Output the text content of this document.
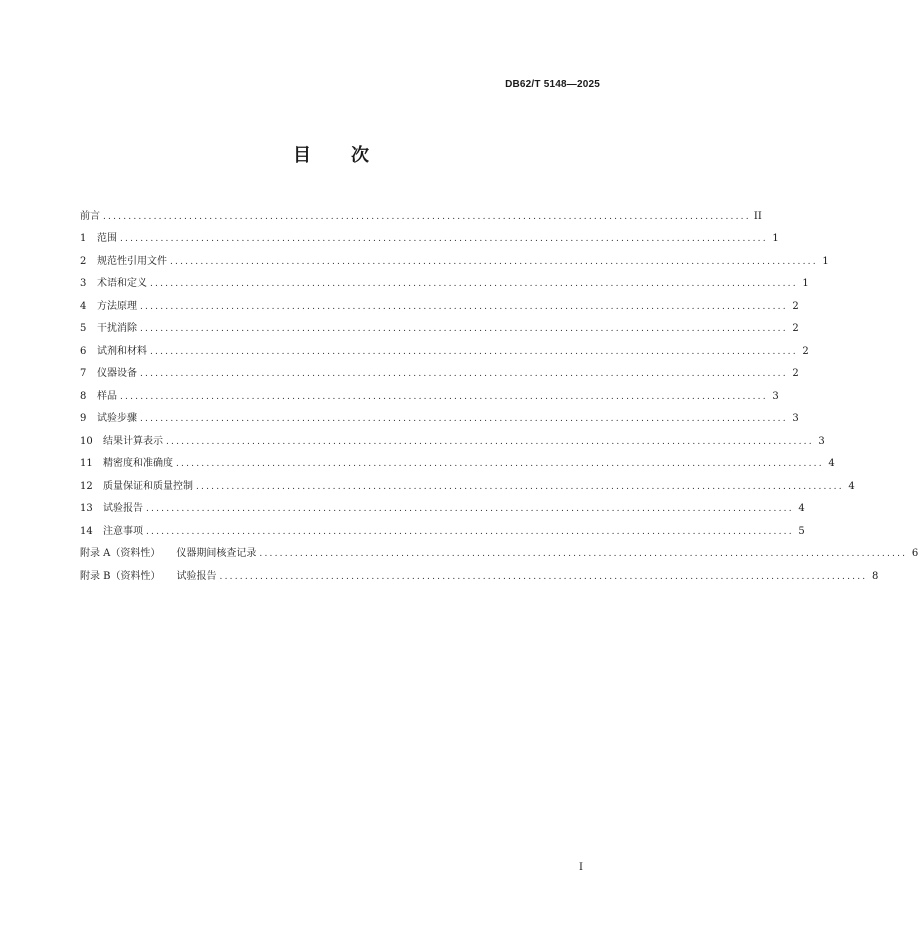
DB62/T 5148—2025
目 次
前言 ................................................................................................................................ II
1 范围 ................................................................................................................................ 1
2 规范性引用文件 ................................................................................................................................ 1
3 术语和定义 ................................................................................................................................ 1
4 方法原理 ................................................................................................................................ 2
5 干扰消除 ................................................................................................................................ 2
6 试剂和材料 ................................................................................................................................ 2
7 仪器设备 ................................................................................................................................ 2
8 样品 ................................................................................................................................ 3
9 试验步骤 ................................................................................................................................ 3
10 结果计算表示 ................................................................................................................................ 3
11 精密度和准确度 ................................................................................................................................ 4
12 质量保证和质量控制 ................................................................................................................................ 4
13 试验报告 ................................................................................................................................ 4
14 注意事项 ................................................................................................................................ 5
附录 A（资料性） 仪器期间核查记录 ................................................................................................................................ 6
附录 B（资料性） 试验报告 ................................................................................................................................ 8
I
